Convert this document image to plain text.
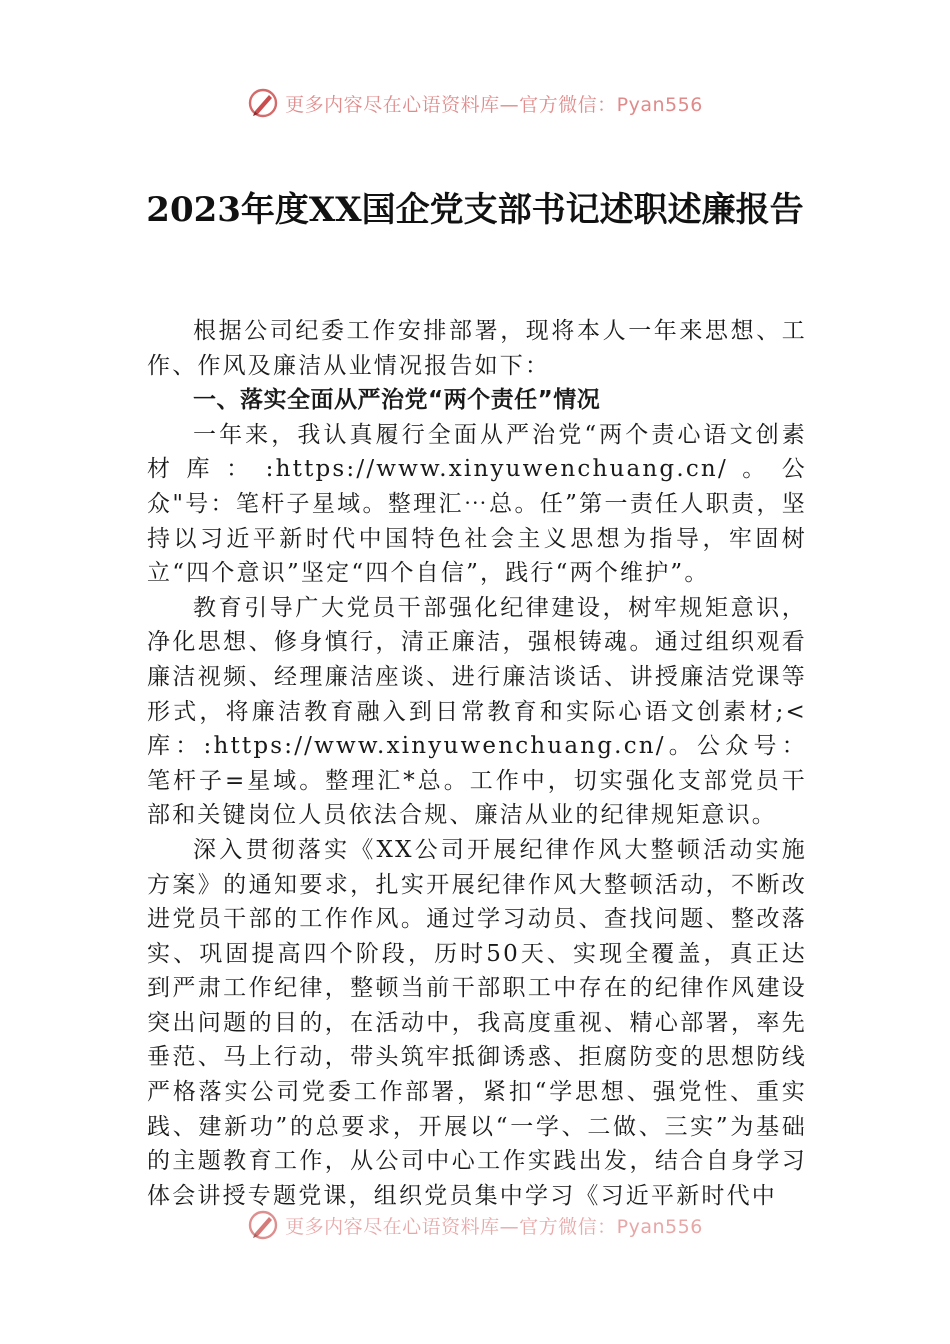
更多内容尽在心语资料库—官方微信：Pyan556
2023年度XX国企党支部书记述职述廉报告

根据公司纪委工作安排部署，现将本人一年来思想、工作、作风及廉洁从业情况报告如下：

一、落实全面从严治党“两个责任”情况

一年来，我认真履行全面从严治党“两个责心语文创素材库：:https://www.xinyuwenchuang.cn/。公众"号：笔杆子星域。整理汇⋯总。任”第一责任人职责，坚持以习近平新时代中国特色社会主义思想为指导，牢固树立“四个意识”坚定“四个自信”，践行“两个维护”。

教育引导广大党员干部强化纪律建设，树牢规矩意识，净化思想、修身慎行，清正廉洁，强根铸魂。通过组织观看廉洁视频、经理廉洁座谈、进行廉洁谈话、讲授廉洁党课等形式，将廉洁教育融入到日常教育和实际心语文创素材;<库：:https://www.xinyuwenchuang.cn/。公众号：笔杆子=星域。整理汇*总。工作中，切实强化支部党员干部和关键岗位人员依法合规、廉洁从业的纪律规矩意识。

深入贯彻落实《XX公司开展纪律作风大整顿活动实施方案》的通知要求，扎实开展纪律作风大整顿活动，不断改进党员干部的工作作风。通过学习动员、查找问题、整改落实、巩固提高四个阶段，历时50天、实现全覆盖，真正达到严肃工作纪律，整顿当前干部职工中存在的纪律作风建设突出问题的目的，在活动中，我高度重视、精心部署，率先垂范、马上行动，带头筑牢抵御诱惑、拒腐防变的思想防线严格落实公司党委工作部署，紧扣“学思想、强党性、重实践、建新功”的总要求，开展以“一学、二做、三实”为基础的主题教育工作，从公司中心工作实践出发，结合自身学习体会讲授专题党课，组织党员集中学习《习近平新时代中

更多内容尽在心语资料库—官方微信：Pyan556
